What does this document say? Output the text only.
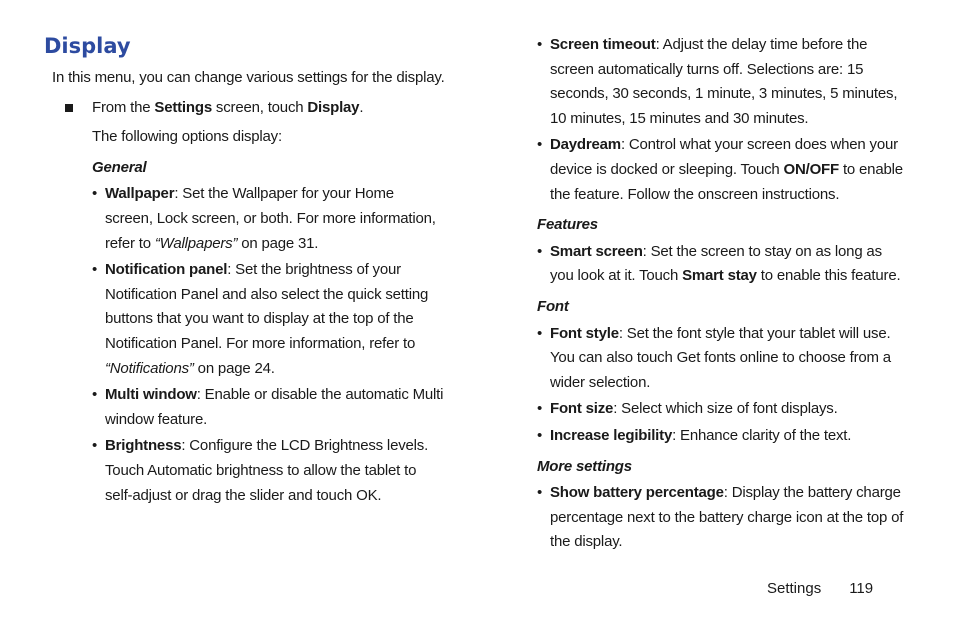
Display

In this menu, you can change various settings for the display.

From the Settings screen, touch Display.

The following options display:

General

• Wallpaper: Set the Wallpaper for your Home screen, Lock screen, or both. For more information, refer to “Wallpapers” on page 31.
• Notification panel: Set the brightness of your Notification Panel and also select the quick setting buttons that you want to display at the top of the Notification Panel. For more information, refer to “Notifications” on page 24.
• Multi window: Enable or disable the automatic Multi window feature.
• Brightness: Configure the LCD Brightness levels. Touch Automatic brightness to allow the tablet to self-adjust or drag the slider and touch OK.
• Screen timeout: Adjust the delay time before the screen automatically turns off. Selections are: 15 seconds, 30 seconds, 1 minute, 3 minutes, 5 minutes, 10 minutes, 15 minutes and 30 minutes.
• Daydream: Control what your screen does when your device is docked or sleeping. Touch ON/OFF to enable the feature. Follow the onscreen instructions.

Features

• Smart screen: Set the screen to stay on as long as you look at it. Touch Smart stay to enable this feature.

Font

• Font style: Set the font style that your tablet will use. You can also touch Get fonts online to choose from a wider selection.
• Font size: Select which size of font displays.
• Increase legibility: Enhance clarity of the text.

More settings

• Show battery percentage: Display the battery charge percentage next to the battery charge icon at the top of the display.
Settings 119
